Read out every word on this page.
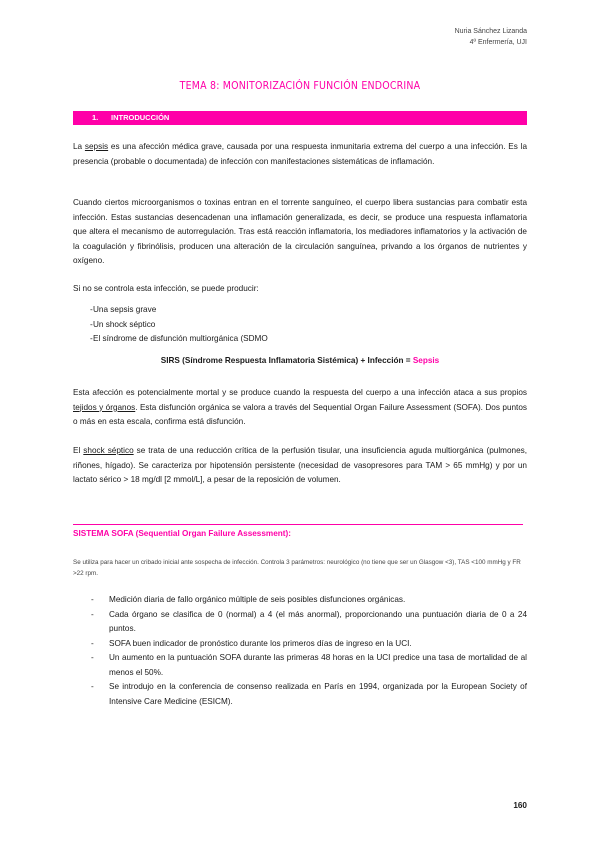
Nuria Sánchez Lizanda
4º Enfermería, UJI
TEMA 8: MONITORIZACIÓN FUNCIÓN ENDOCRINA
1. INTRODUCCIÓN
La sepsis es una afección médica grave, causada por una respuesta inmunitaria extrema del cuerpo a una infección. Es la presencia (probable o documentada) de infección con manifestaciones sistemáticas de inflamación.
Cuando ciertos microorganismos o toxinas entran en el torrente sanguíneo, el cuerpo libera sustancias para combatir esta infección. Estas sustancias desencadenan una inflamación generalizada, es decir, se produce una respuesta inflamatoria que altera el mecanismo de autorregulación. Tras está reacción inflamatoria, los mediadores inflamatorios y la activación de la coagulación y fibrinólisis, producen una alteración de la circulación sanguínea, privando a los órganos de nutrientes y oxígeno.
Si no se controla esta infección, se puede producir:
- Una sepsis grave
- Un shock séptico
- El síndrome de disfunción multiorgánica (SDMO
SIRS (Síndrome Respuesta Inflamatoria Sistémica) + Infección = Sepsis
Esta afección es potencialmente mortal y se produce cuando la respuesta del cuerpo a una infección ataca a sus propios tejidos y órganos. Esta disfunción orgánica se valora a través del Sequential Organ Failure Assessment (SOFA). Dos puntos o más en esta escala, confirma está disfunción.
El shock séptico se trata de una reducción crítica de la perfusión tisular, una insuficiencia aguda multiorgánica (pulmones, riñones, hígado). Se caracteriza por hipotensión persistente (necesidad de vasopresores para TAM > 65 mmHg) y por un lactato sérico > 18 mg/dl [2 mmol/L], a pesar de la reposición de volumen.
SISTEMA SOFA (Sequential Organ Failure Assessment):
Se utiliza para hacer un cribado inicial ante sospecha de infección. Controla 3 parámetros: neurológico (no tiene que ser un Glasgow <3), TAS <100 mmHg y FR >22 rpm.
- Medición diaria de fallo orgánico múltiple de seis posibles disfunciones orgánicas.
- Cada órgano se clasifica de 0 (normal) a 4 (el más anormal), proporcionando una puntuación diaria de 0 a 24 puntos.
- SOFA buen indicador de pronóstico durante los primeros días de ingreso en la UCI.
- Un aumento en la puntuación SOFA durante las primeras 48 horas en la UCI predice una tasa de mortalidad de al menos el 50%.
- Se introdujo en la conferencia de consenso realizada en París en 1994, organizada por la European Society of Intensive Care Medicine (ESICM).
160
